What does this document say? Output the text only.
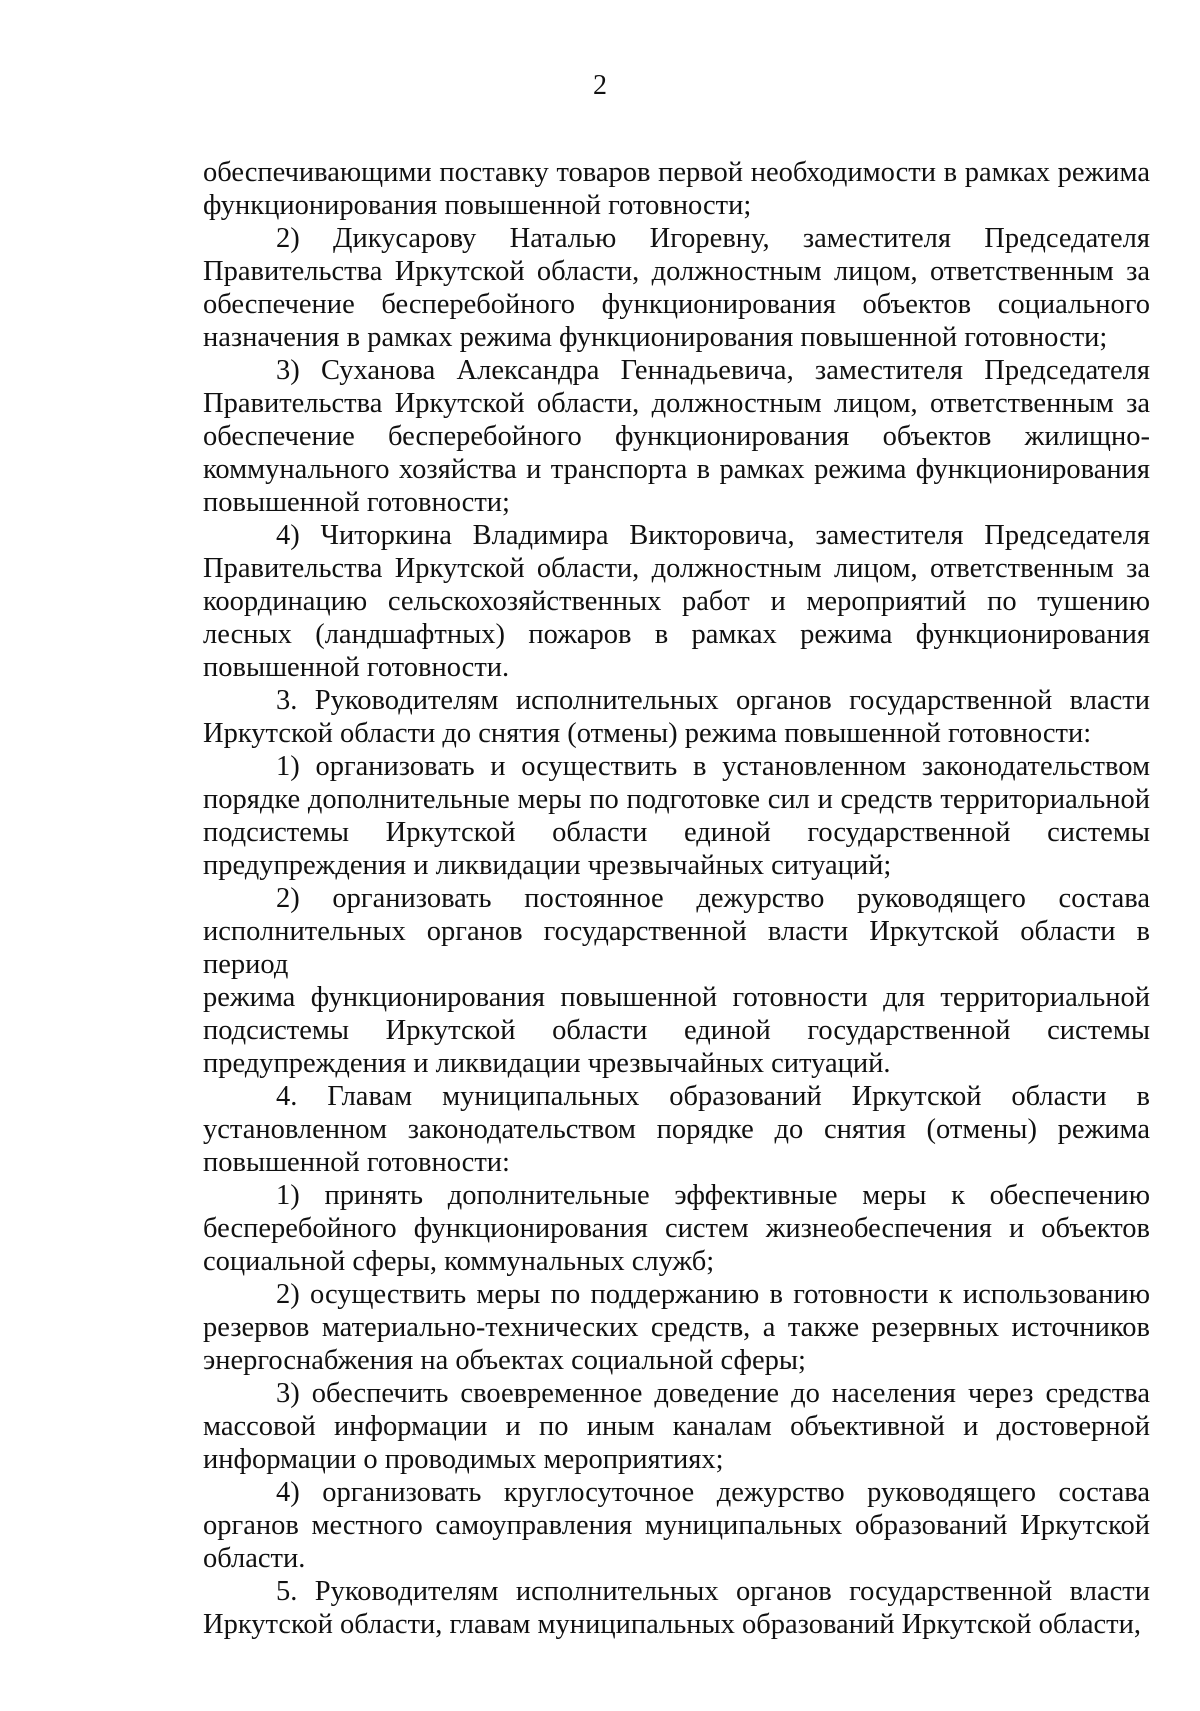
2
обеспечивающими поставку товаров первой необходимости в рамках режима
функционирования повышенной готовности;
2) Дикусарову Наталью Игоревну, заместителя Председателя
Правительства Иркутской области, должностным лицом, ответственным за
обеспечение бесперебойного функционирования объектов социального
назначения в рамках режима функционирования повышенной готовности;
3) Суханова Александра Геннадьевича, заместителя Председателя
Правительства Иркутской области, должностным лицом, ответственным за
обеспечение бесперебойного функционирования объектов жилищно-
коммунального хозяйства и транспорта в рамках режима функционирования
повышенной готовности;
4) Читоркина Владимира Викторовича, заместителя Председателя
Правительства Иркутской области, должностным лицом, ответственным за
координацию сельскохозяйственных работ и мероприятий по тушению
лесных (ландшафтных) пожаров в рамках режима функционирования
повышенной готовности.
3. Руководителям исполнительных органов государственной власти
Иркутской области до снятия (отмены) режима повышенной готовности:
1) организовать и осуществить в установленном законодательством
порядке дополнительные меры по подготовке сил и средств территориальной
подсистемы Иркутской области единой государственной системы
предупреждения и ликвидации чрезвычайных ситуаций;
2) организовать постоянное дежурство руководящего состава
исполнительных органов государственной власти Иркутской области в период
режима функционирования повышенной готовности для территориальной
подсистемы Иркутской области единой государственной системы
предупреждения и ликвидации чрезвычайных ситуаций.
4. Главам муниципальных образований Иркутской области в
установленном законодательством порядке до снятия (отмены) режима
повышенной готовности:
1) принять дополнительные эффективные меры к обеспечению
бесперебойного функционирования систем жизнеобеспечения и объектов
социальной сферы, коммунальных служб;
2) осуществить меры по поддержанию в готовности к использованию
резервов материально-технических средств, а также резервных источников
энергоснабжения на объектах социальной сферы;
3) обеспечить своевременное доведение до населения через средства
массовой информации и по иным каналам объективной и достоверной
информации о проводимых мероприятиях;
4) организовать круглосуточное дежурство руководящего состава
органов местного самоуправления муниципальных образований Иркутской
области.
5. Руководителям исполнительных органов государственной власти
Иркутской области, главам муниципальных образований Иркутской области,
